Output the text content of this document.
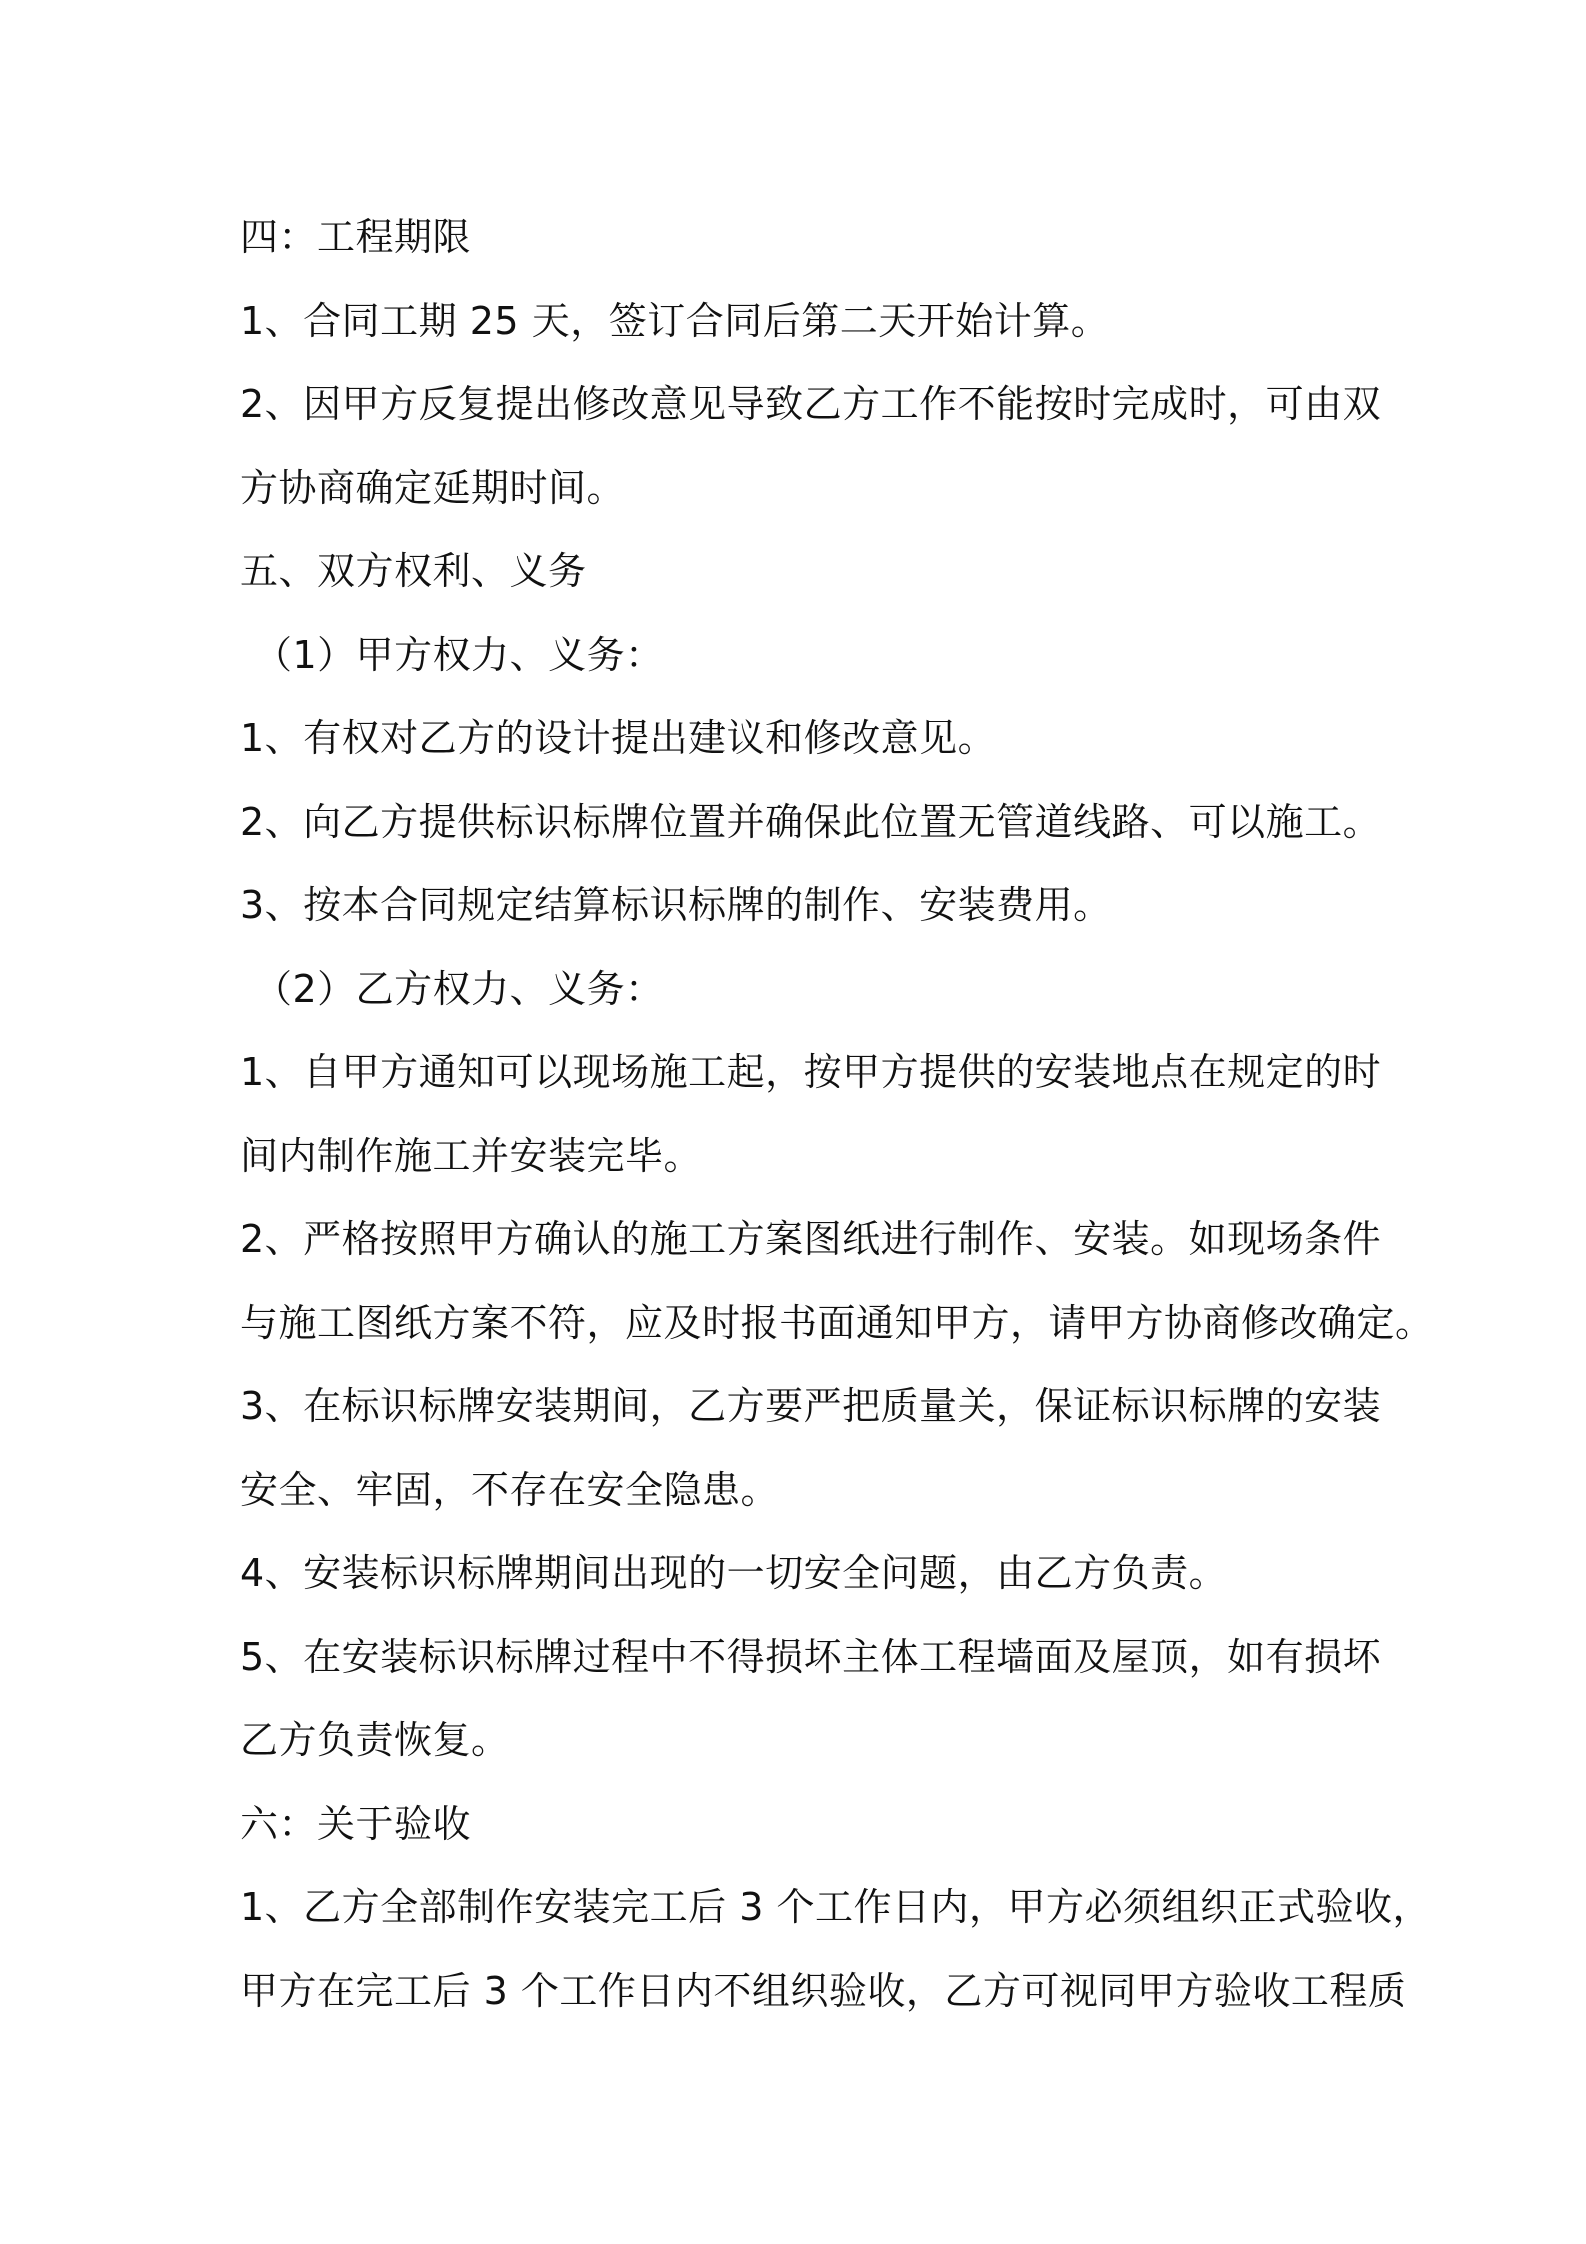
四：工程期限
1、合同工期 25 天，签订合同后第二天开始计算。
2、因甲方反复提出修改意见导致乙方工作不能按时完成时，可由双
方协商确定延期时间。
五、双方权利、义务
（1）甲方权力、义务：
1、有权对乙方的设计提出建议和修改意见。
2、向乙方提供标识标牌位置并确保此位置无管道线路、可以施工。
3、按本合同规定结算标识标牌的制作、安装费用。
（2）乙方权力、义务：
1、自甲方通知可以现场施工起，按甲方提供的安装地点在规定的时
间内制作施工并安装完毕。
2、严格按照甲方确认的施工方案图纸进行制作、安装。如现场条件
与施工图纸方案不符，应及时报书面通知甲方，请甲方协商修改确定。
3、在标识标牌安装期间，乙方要严把质量关，保证标识标牌的安装
安全、牢固，不存在安全隐患。
4、安装标识标牌期间出现的一切安全问题，由乙方负责。
5、在安装标识标牌过程中不得损坏主体工程墙面及屋顶，如有损坏
乙方负责恢复。
六：关于验收
1、乙方全部制作安装完工后 3 个工作日内，甲方必须组织正式验收，
甲方在完工后 3 个工作日内不组织验收，乙方可视同甲方验收工程质
